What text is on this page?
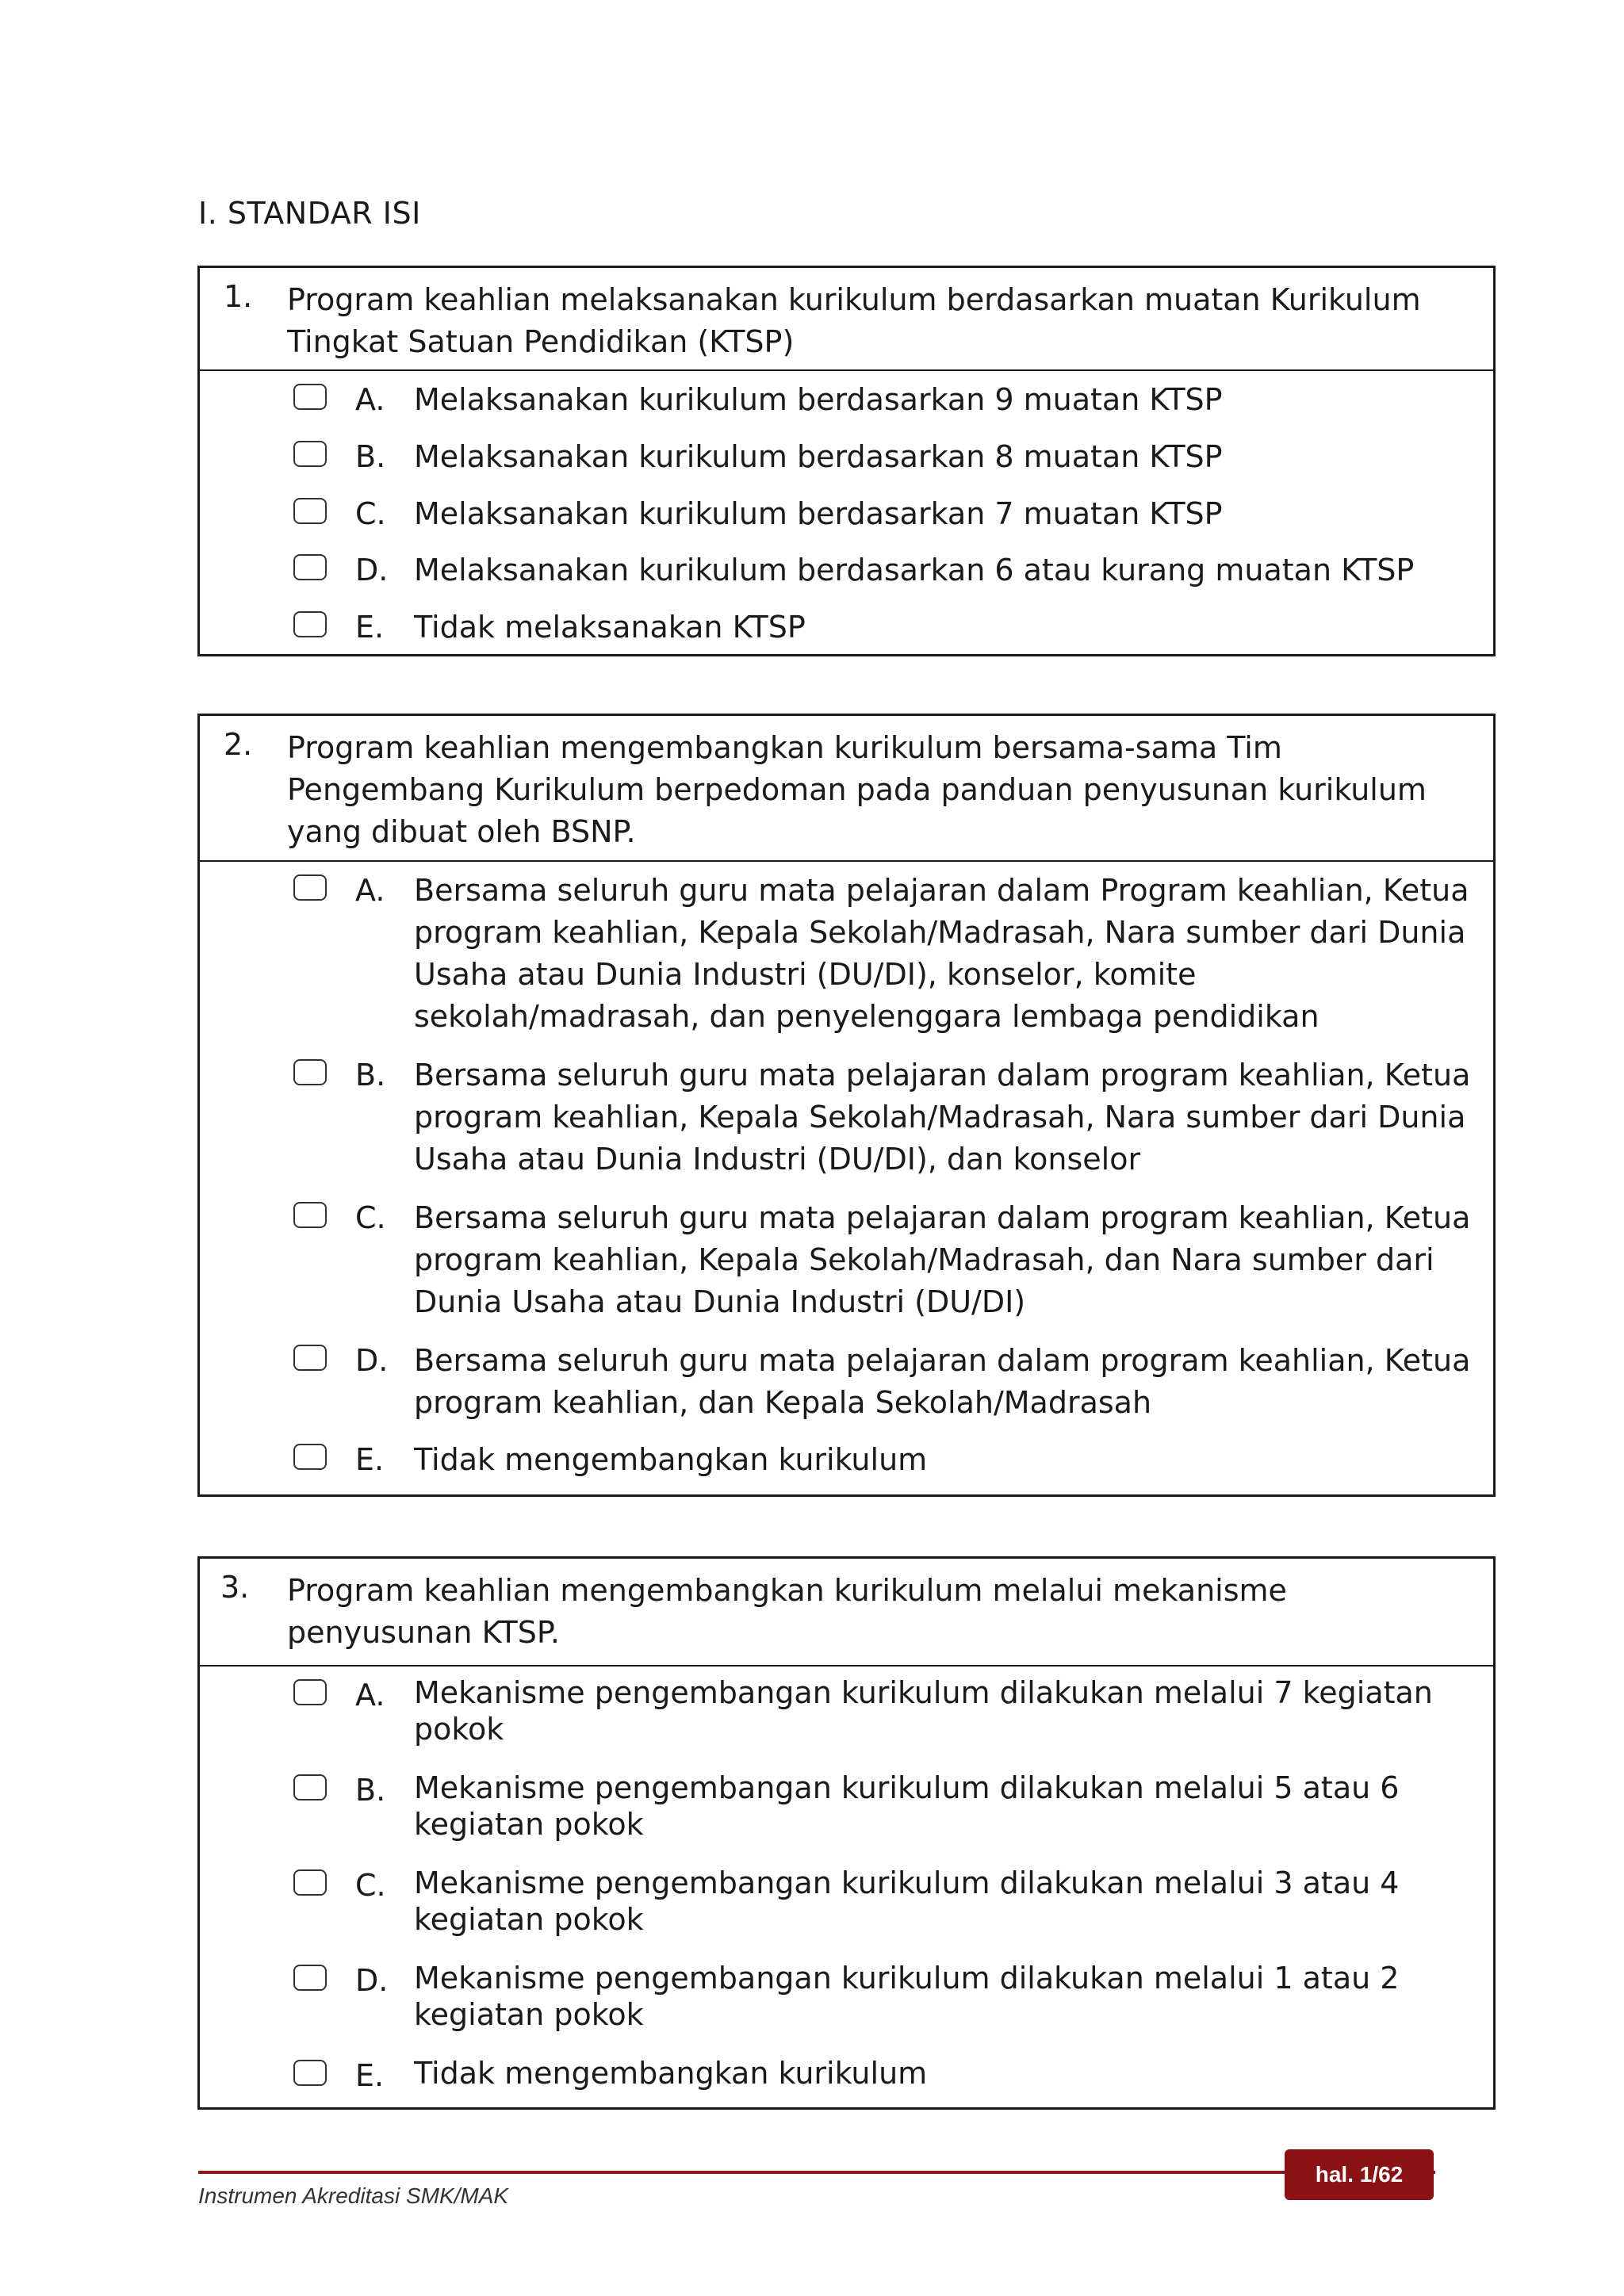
I. STANDAR ISI
1. Program keahlian melaksanakan kurikulum berdasarkan muatan Kurikulum Tingkat Satuan Pendidikan (KTSP)
A. Melaksanakan kurikulum berdasarkan 9 muatan KTSP
B. Melaksanakan kurikulum berdasarkan 8 muatan KTSP
C. Melaksanakan kurikulum berdasarkan 7 muatan KTSP
D. Melaksanakan kurikulum berdasarkan 6 atau kurang muatan KTSP
E. Tidak melaksanakan KTSP
2. Program keahlian mengembangkan kurikulum bersama-sama Tim Pengembang Kurikulum berpedoman pada panduan penyusunan kurikulum yang dibuat oleh BSNP.
A. Bersama seluruh guru mata pelajaran dalam Program keahlian, Ketua program keahlian, Kepala Sekolah/Madrasah, Nara sumber dari Dunia Usaha atau Dunia Industri (DU/DI), konselor, komite sekolah/madrasah, dan penyelenggara lembaga pendidikan
B. Bersama seluruh guru mata pelajaran dalam program keahlian, Ketua program keahlian, Kepala Sekolah/Madrasah, Nara sumber dari Dunia Usaha atau Dunia Industri (DU/DI), dan konselor
C. Bersama seluruh guru mata pelajaran dalam program keahlian, Ketua program keahlian, Kepala Sekolah/Madrasah, dan Nara sumber dari Dunia Usaha atau Dunia Industri (DU/DI)
D. Bersama seluruh guru mata pelajaran dalam program keahlian, Ketua program keahlian, dan Kepala Sekolah/Madrasah
E. Tidak mengembangkan kurikulum
3. Program keahlian mengembangkan kurikulum melalui mekanisme penyusunan KTSP.
A. Mekanisme pengembangan kurikulum dilakukan melalui 7 kegiatan pokok
B. Mekanisme pengembangan kurikulum dilakukan melalui 5 atau 6 kegiatan pokok
C. Mekanisme pengembangan kurikulum dilakukan melalui 3 atau 4 kegiatan pokok
D. Mekanisme pengembangan kurikulum dilakukan melalui 1 atau 2 kegiatan pokok
E. Tidak mengembangkan kurikulum
hal. 1/62
Instrumen Akreditasi SMK/MAK
